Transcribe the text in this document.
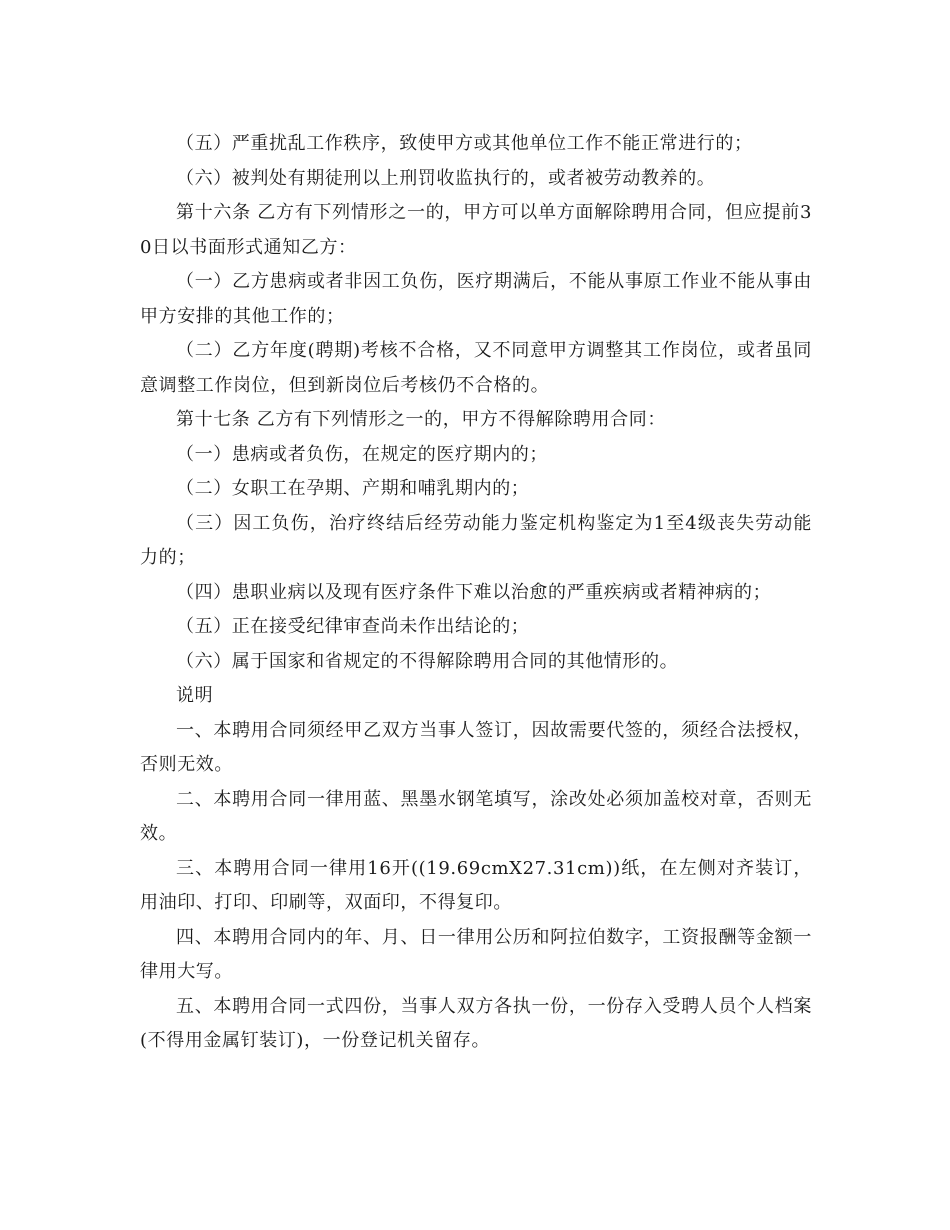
（五）严重扰乱工作秩序，致使甲方或其他单位工作不能正常进行的；

（六）被判处有期徒刑以上刑罚收监执行的，或者被劳动教养的。

第十六条 乙方有下列情形之一的，甲方可以单方面解除聘用合同，但应提前30日以书面形式通知乙方：

（一）乙方患病或者非因工负伤，医疗期满后，不能从事原工作业不能从事由甲方安排的其他工作的；

（二）乙方年度(聘期)考核不合格，又不同意甲方调整其工作岗位，或者虽同意调整工作岗位，但到新岗位后考核仍不合格的。

第十七条 乙方有下列情形之一的，甲方不得解除聘用合同：

（一）患病或者负伤，在规定的医疗期内的；

（二）女职工在孕期、产期和哺乳期内的；

（三）因工负伤，治疗终结后经劳动能力鉴定机构鉴定为1至4级丧失劳动能力的；

（四）患职业病以及现有医疗条件下难以治愈的严重疾病或者精神病的；

（五）正在接受纪律审查尚未作出结论的；

（六）属于国家和省规定的不得解除聘用合同的其他情形的。

说明

一、本聘用合同须经甲乙双方当事人签订，因故需要代签的，须经合法授权，否则无效。

二、本聘用合同一律用蓝、黑墨水钢笔填写，涂改处必须加盖校对章，否则无效。

三、本聘用合同一律用16开((19.69cmX27.31cm))纸，在左侧对齐装订，用油印、打印、印刷等，双面印，不得复印。

四、本聘用合同内的年、月、日一律用公历和阿拉伯数字，工资报酬等金额一律用大写。

五、本聘用合同一式四份，当事人双方各执一份，一份存入受聘人员个人档案(不得用金属钉装订)，一份登记机关留存。
